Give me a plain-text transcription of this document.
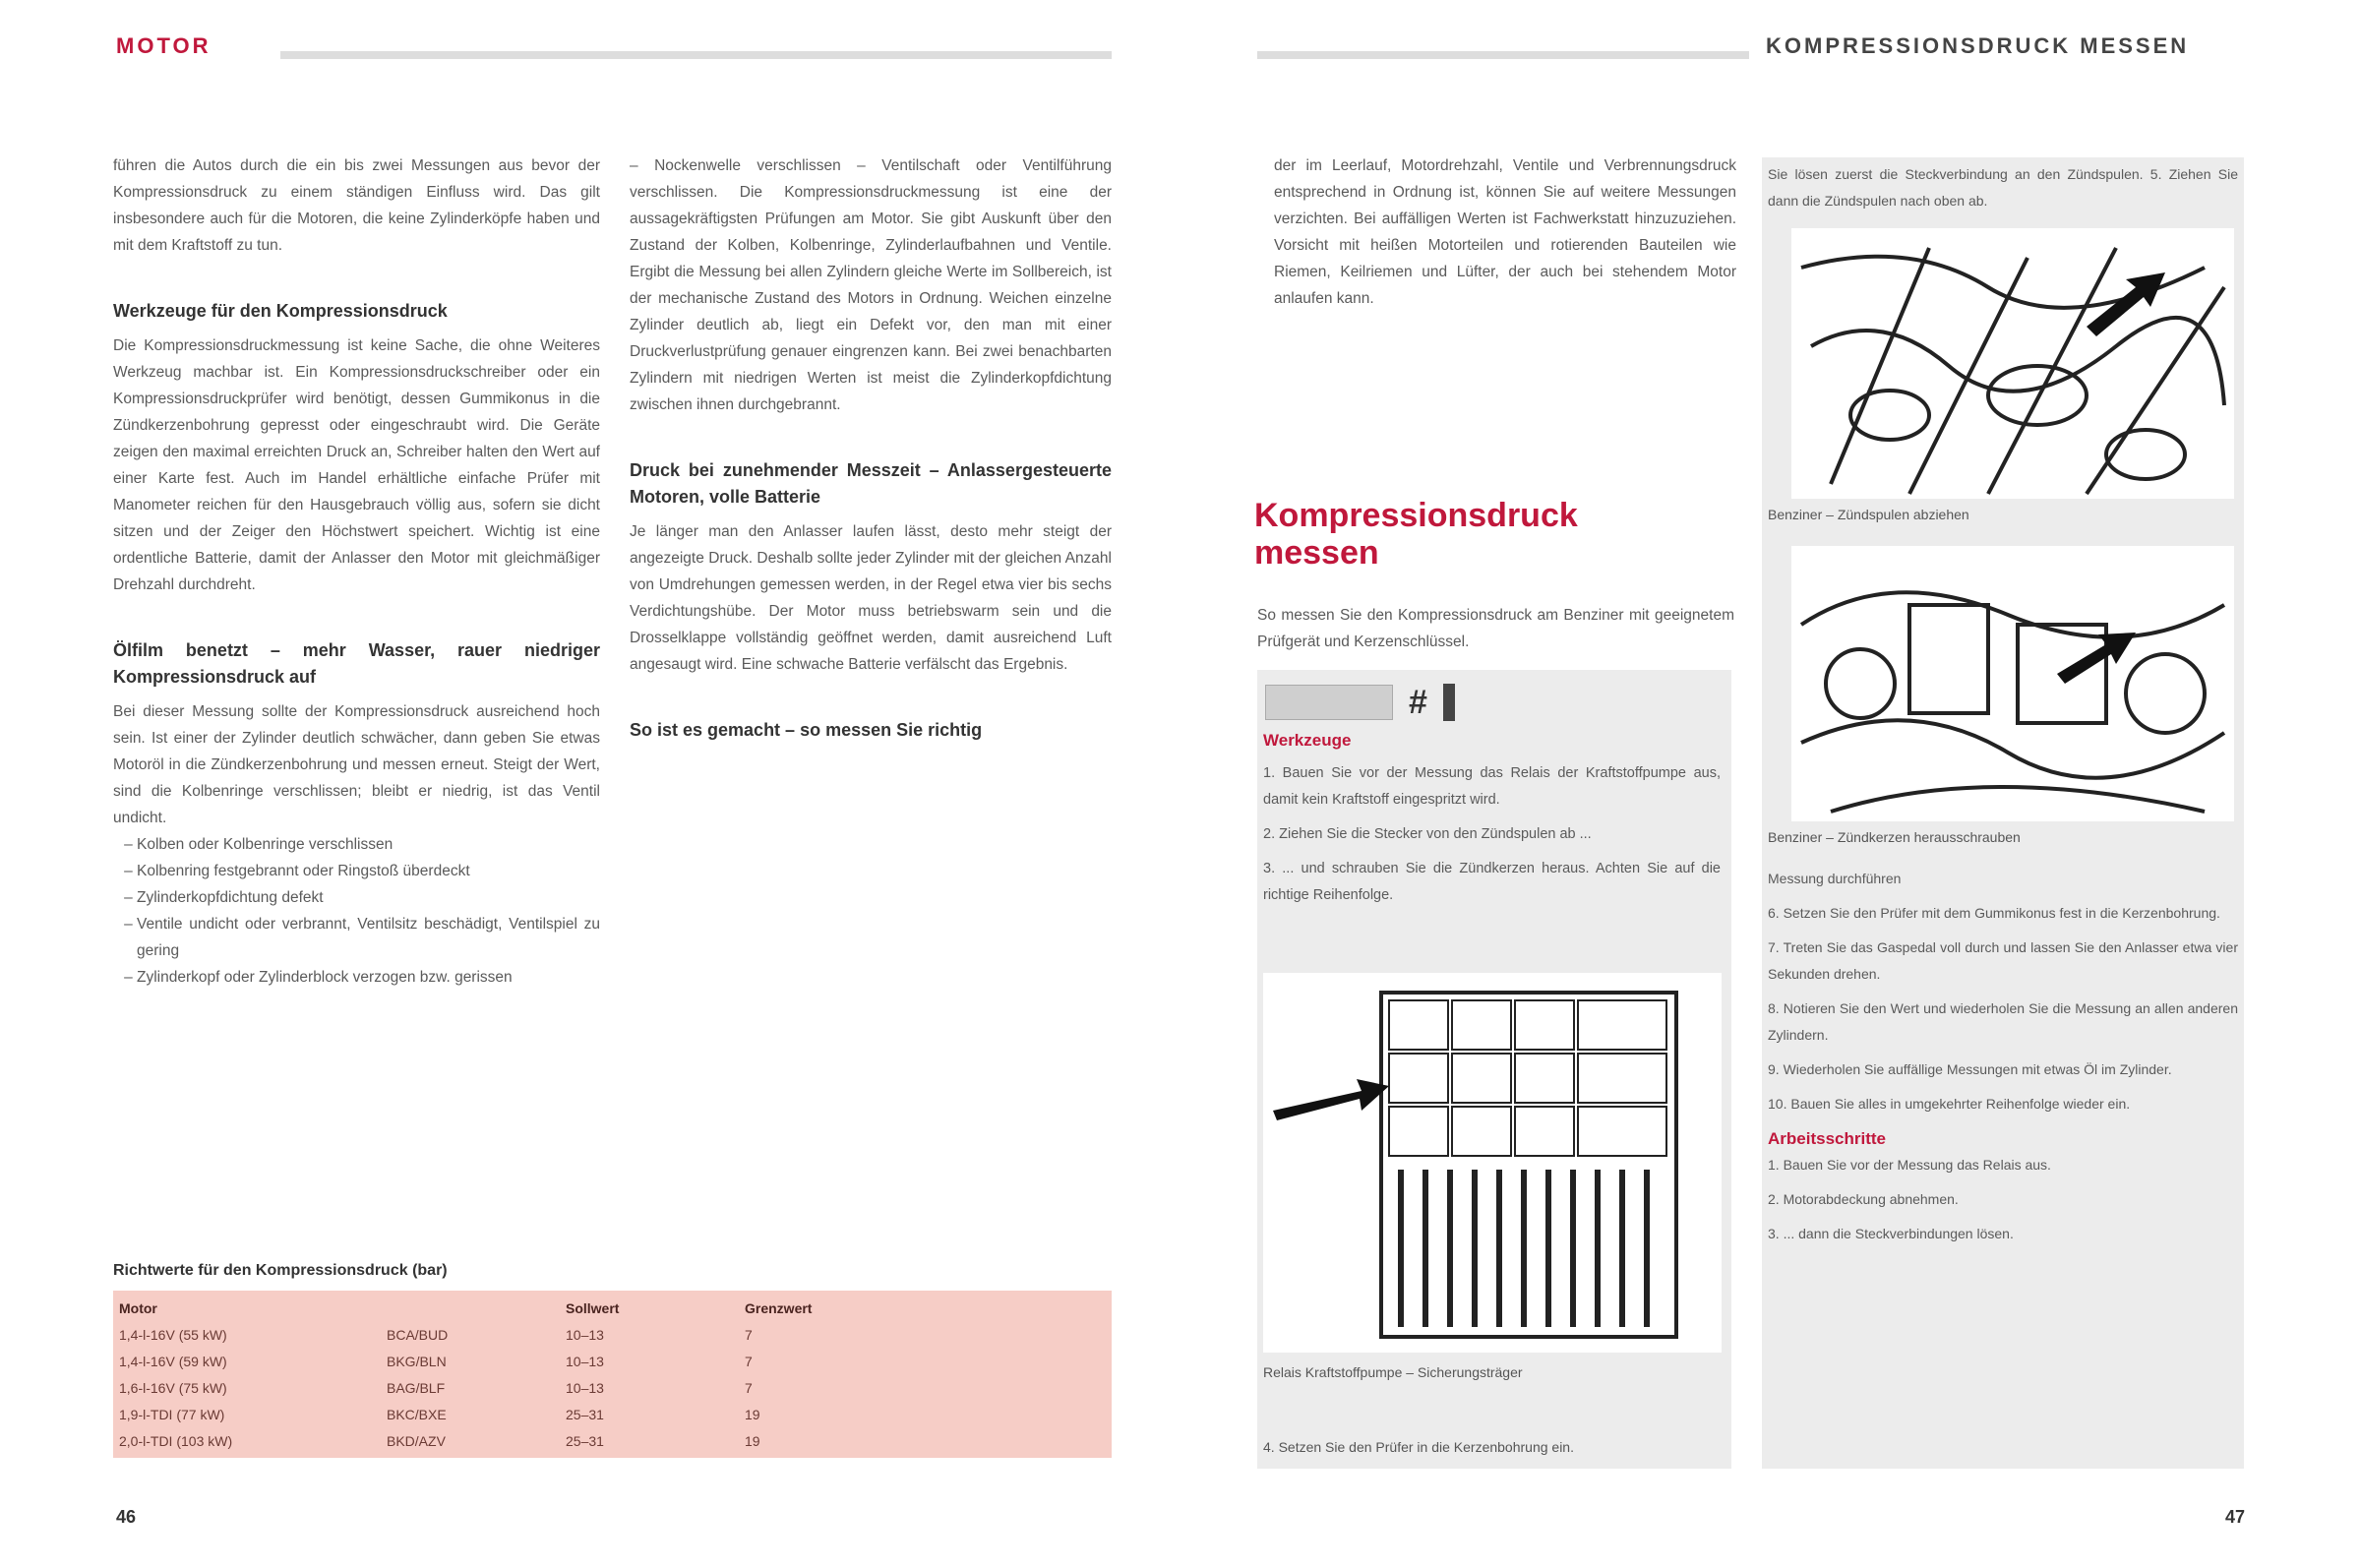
MOTOR

führen die Autos durch die ein bis zwei Messungen aus bevor der Kompressionsdruck zu einem ständigen Einfluss wird. Das gilt insbesondere auch für die Motoren, die keine Zylinderköpfe haben und mit dem Kraftstoff zu tun.

Werkzeuge für den Kompressionsdruck

Die Kompressionsdruckmessung ist keine Sache, die ohne Weiteres Werkzeug machbar ist. Ein Kompressionsdruckschreiber oder ein Kompressionsdruckprüfer wird benötigt, dessen Gummikonus in die Zündkerzenbohrung gepresst oder eingeschraubt wird. Die Geräte zeigen den maximal erreichten Druck an, Schreiber halten den Wert auf einer Karte fest. Auch im Handel erhältliche einfache Prüfer mit Manometer reichen für den Hausgebrauch völlig aus, sofern sie dicht sitzen und der Zeiger den Höchstwert speichert. Wichtig ist eine ordentliche Batterie, damit der Anlasser den Motor mit gleichmäßiger Drehzahl durchdreht.

Ölfilm benetzt – mehr Wasser, rauer niedriger Kompressionsdruck auf

Bei dieser Messung sollte der Kompressionsdruck ausreichend hoch sein. Ist einer der Zylinder deutlich schwächer, dann geben Sie etwas Motoröl in die Zündkerzenbohrung und messen erneut. Steigt der Wert, sind die Kolbenringe verschlissen; bleibt er niedrig, ist das Ventil undicht.

– Kolben oder Kolbenringe verschlissen
– Kolbenring festgebrannt oder Ringstoß überdeckt
– Zylinderkopfdichtung defekt
– Ventile undicht oder verbrannt, Ventilsitz beschädigt, Ventilspiel zu gering
– Zylinderkopf oder Zylinderblock verzogen bzw. gerissen

– Nockenwelle verschlissen – Ventilschaft oder Ventilführung verschlissen. Die Kompressionsdruckmessung ist eine der aussagekräftigsten Prüfungen am Motor. Sie gibt Auskunft über den Zustand der Kolben, Kolbenringe, Zylinderlaufbahnen und Ventile. Ergibt die Messung bei allen Zylindern gleiche Werte im Sollbereich, ist der mechanische Zustand des Motors in Ordnung. Weichen einzelne Zylinder deutlich ab, liegt ein Defekt vor, den man mit einer Druckverlustprüfung genauer eingrenzen kann. Bei zwei benachbarten Zylindern mit niedrigen Werten ist meist die Zylinderkopfdichtung zwischen ihnen durchgebrannt.

Druck bei zunehmender Messzeit – Anlassergesteuerte Motoren, volle Batterie

Je länger man den Anlasser laufen lässt, desto mehr steigt der angezeigte Druck. Deshalb sollte jeder Zylinder mit der gleichen Anzahl von Umdrehungen gemessen werden, in der Regel etwa vier bis sechs Verdichtungshübe. Der Motor muss betriebswarm sein und die Drosselklappe vollständig geöffnet werden, damit ausreichend Luft angesaugt wird. Eine schwache Batterie verfälscht das Ergebnis.

So ist es gemacht – so messen Sie richtig

Richtwerte für den Kompressionsdruck (bar)
Motor		Sollwert	Grenzwert
1,4-l-16V (55 kW)	BCA/BUD	10–13	7
1,4-l-16V (59 kW)	BKG/BLN	10–13	7
1,6-l-16V (75 kW)	BAG/BLF	10–13	7
1,9-l-TDI (77 kW)	BKC/BXE	25–31	19
2,0-l-TDI (103 kW)	BKD/AZV	25–31	19
46
KOMPRESSIONSDRUCK MESSEN

der im Leerlauf, Motordrehzahl, Ventile und Verbrennungsdruck entsprechend in Ordnung ist, können Sie auf weitere Messungen verzichten. Bei auffälligen Werten ist Fachwerkstatt hinzuzuziehen. Vorsicht mit heißen Motorteilen und rotierenden Bauteilen wie Riemen, Keilriemen und Lüfter, der auch bei stehendem Motor anlaufen kann.

Kompressionsdruck messen
So messen Sie den Kompressionsdruck am Benziner mit geeignetem Prüfgerät und Kerzenschlüssel.
#
Werkzeuge

1. Bauen Sie vor der Messung das Relais der Kraftstoffpumpe aus, damit kein Kraftstoff eingespritzt wird.

2. Ziehen Sie die Stecker von den Zündspulen ab ...

3. ... und schrauben Sie die Zündkerzen heraus. Achten Sie auf die richtige Reihenfolge.

Relais Kraftstoffpumpe – Sicherungsträger
4. Setzen Sie den Prüfer in die Kerzenbohrung ein.
Sie lösen zuerst die Steckverbindung an den Zündspulen. 5. Ziehen Sie dann die Zündspulen nach oben ab.
Benziner – Zündspulen abziehen
Benziner – Zündkerzen herausschrauben

Messung durchführen

6. Setzen Sie den Prüfer mit dem Gummikonus fest in die Kerzenbohrung.

7. Treten Sie das Gaspedal voll durch und lassen Sie den Anlasser etwa vier Sekunden drehen.

8. Notieren Sie den Wert und wiederholen Sie die Messung an allen anderen Zylindern.

9. Wiederholen Sie auffällige Messungen mit etwas Öl im Zylinder.

10. Bauen Sie alles in umgekehrter Reihenfolge wieder ein.

Arbeitsschritte

1. Bauen Sie vor der Messung das Relais aus.

2. Motorabdeckung abnehmen.

3. ... dann die Steckverbindungen lösen.

47
